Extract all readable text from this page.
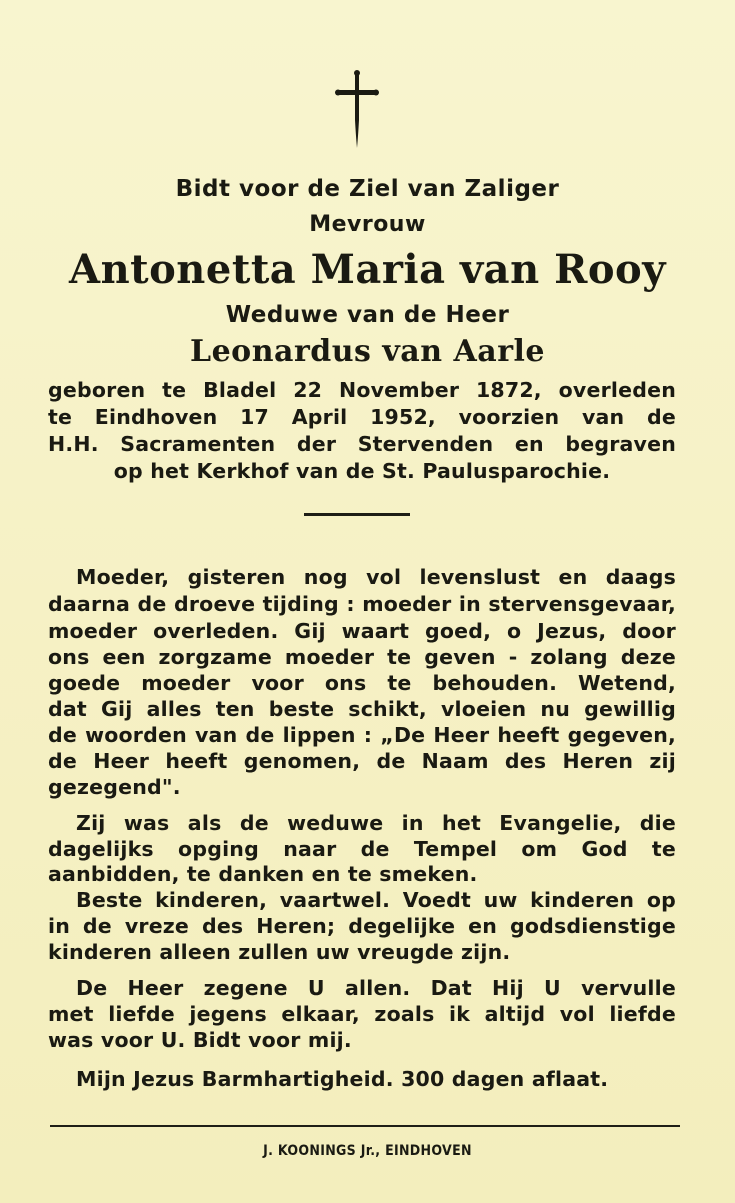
Bidt voor de Ziel van Zaliger
Mevrouw
Antonetta Maria van Rooy
Weduwe van de Heer
Leonardus van Aarle
geboren te Bladel 22 November 1872, overleden
te Eindhoven 17 April 1952, voorzien van de
H.H. Sacramenten der Stervenden en begraven
op het Kerkhof van de St. Paulusparochie.
Moeder, gisteren nog vol levenslust en daags
daarna de droeve tijding : moeder in stervensgevaar,
moeder overleden. Gij waart goed, o Jezus, door
ons een zorgzame moeder te geven - zolang deze
goede moeder voor ons te behouden. Wetend,
dat Gij alles ten beste schikt, vloeien nu gewillig
de woorden van de lippen : „De Heer heeft gegeven,
de Heer heeft genomen, de Naam des Heren zij
gezegend".
Zij was als de weduwe in het Evangelie, die
dagelijks opging naar de Tempel om God te
aanbidden, te danken en te smeken.
Beste kinderen, vaartwel. Voedt uw kinderen op
in de vreze des Heren; degelijke en godsdienstige
kinderen alleen zullen uw vreugde zijn.
De Heer zegene U allen. Dat Hij U vervulle
met liefde jegens elkaar, zoals ik altijd vol liefde
was voor U. Bidt voor mij.
Mijn Jezus Barmhartigheid. 300 dagen aflaat.
J. KOONINGS Jr., EINDHOVEN
